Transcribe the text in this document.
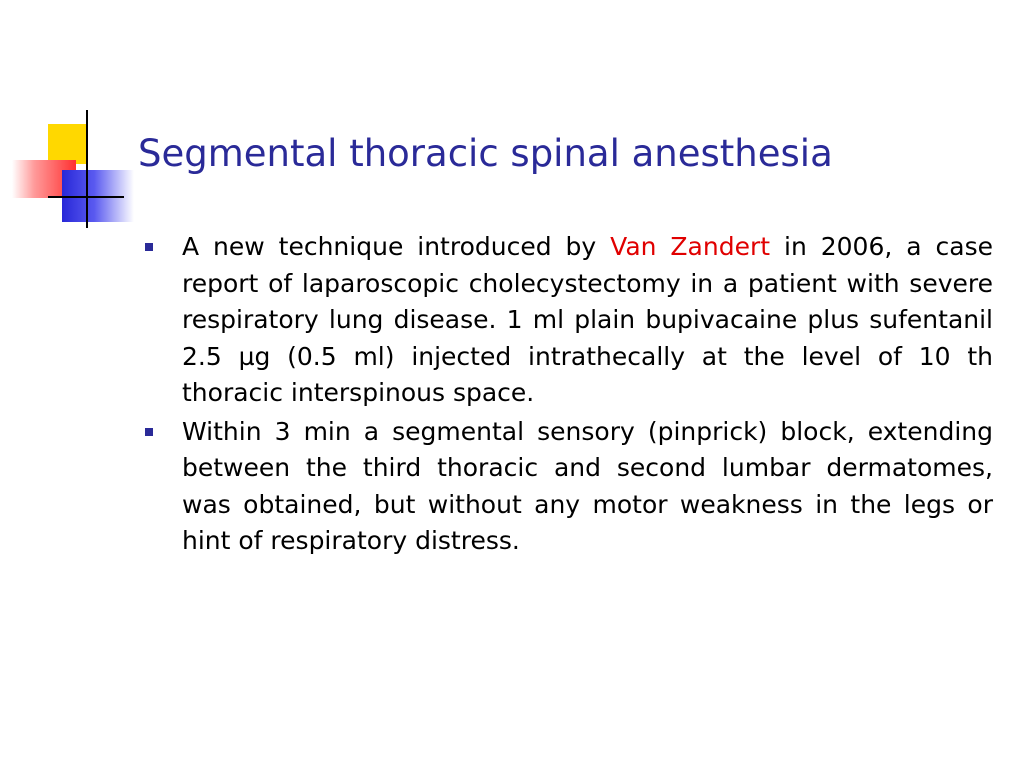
Segmental thoracic spinal anesthesia

A new technique introduced by Van Zandert in 2006, a case report of laparoscopic cholecystectomy in a patient with severe respiratory lung disease. 1 ml plain bupivacaine plus sufentanil 2.5 µg (0.5 ml) injected intrathecally at the level of 10 th thoracic interspinous space.

Within 3 min a segmental sensory (pinprick) block, extending between the third thoracic and second lumbar dermatomes, was obtained, but without any motor weakness in the legs or hint of respiratory distress.
